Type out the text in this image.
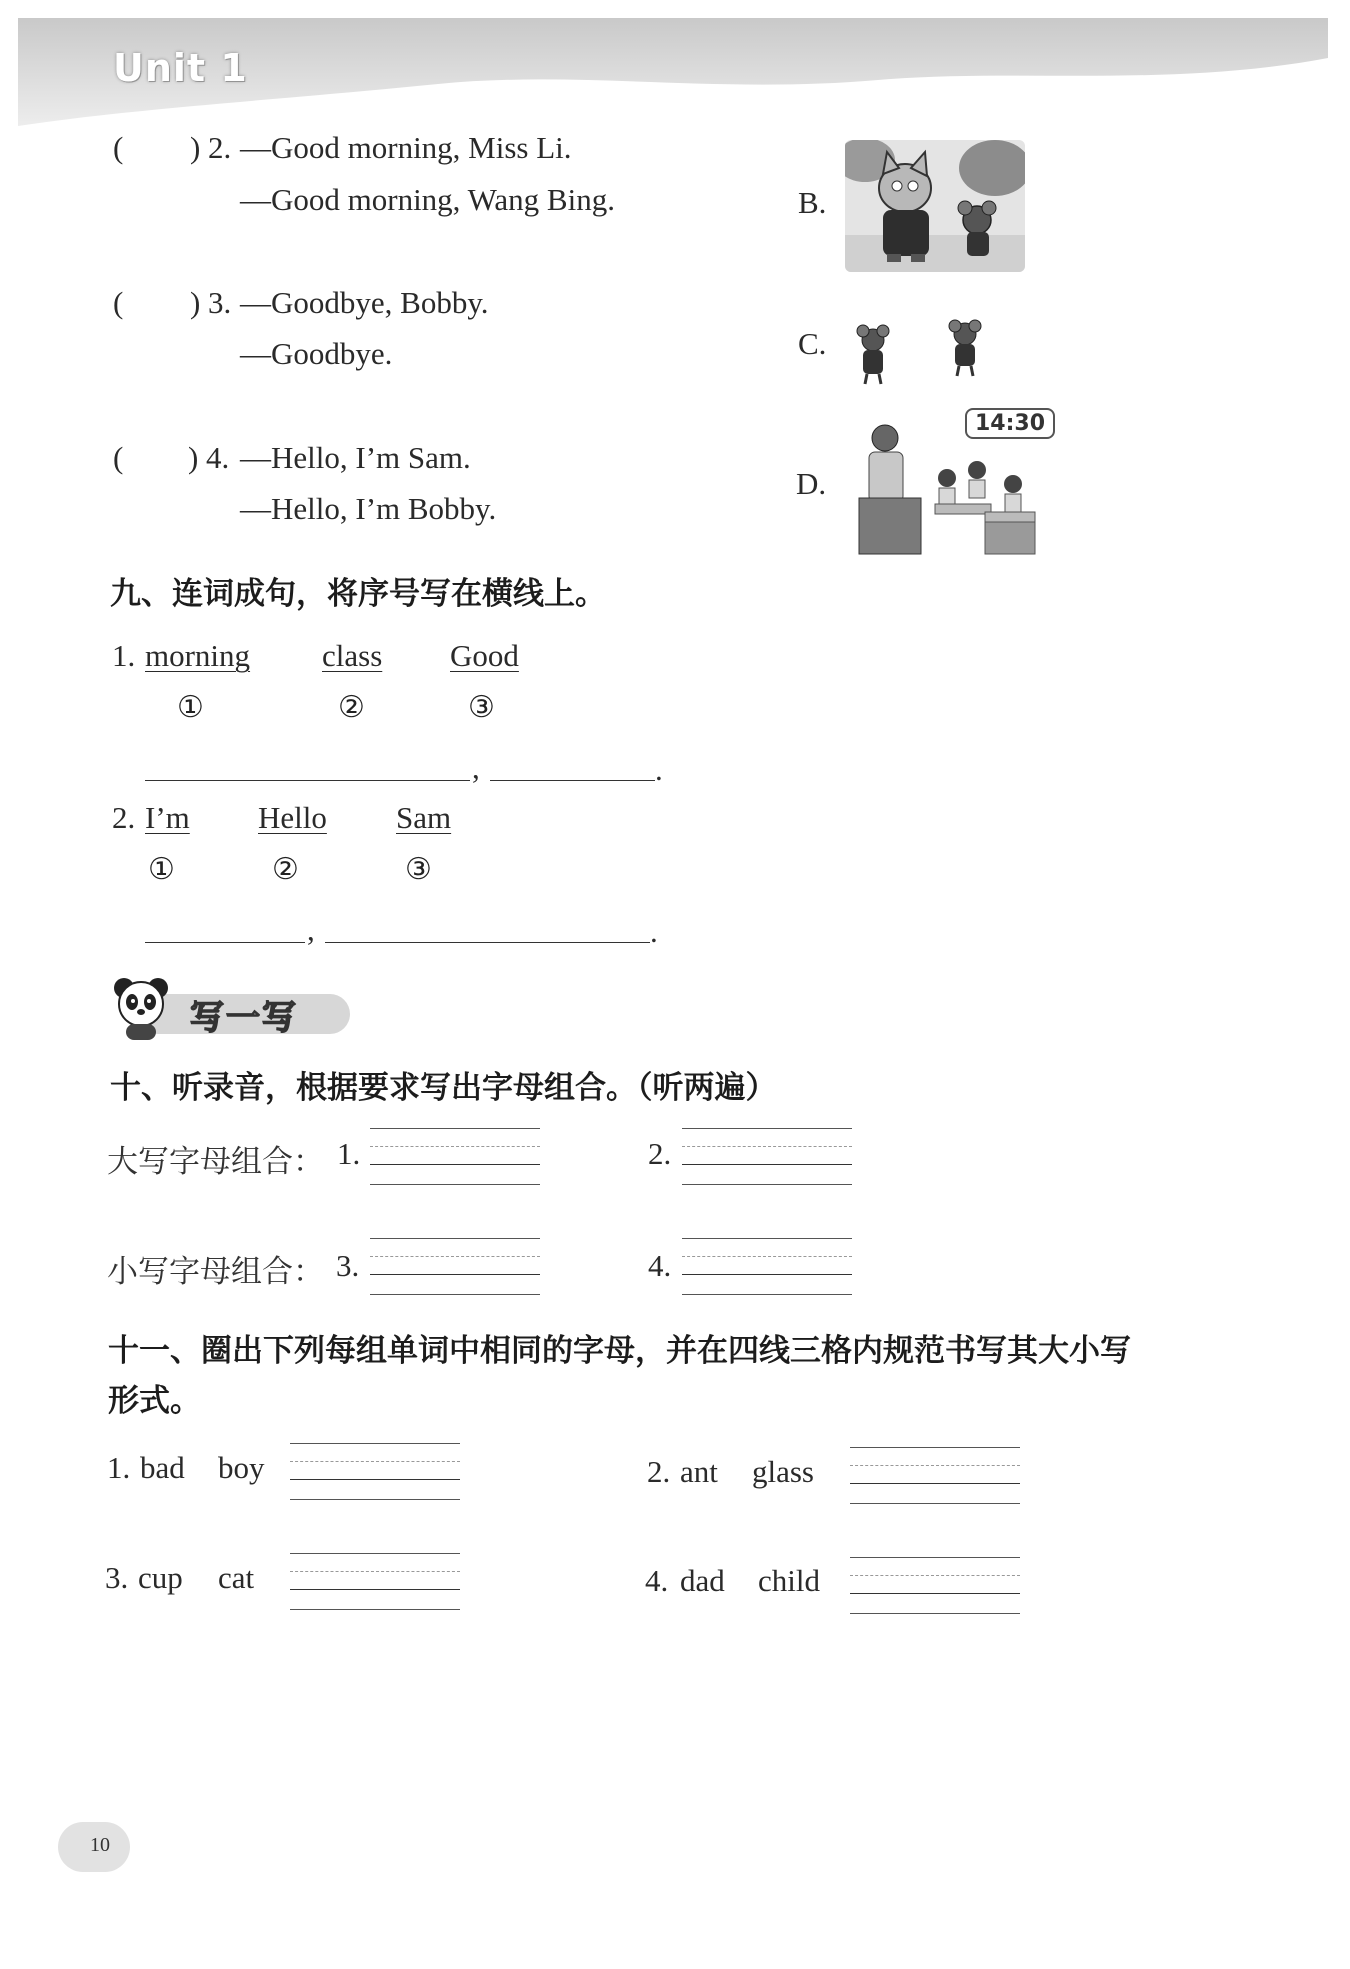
Unit 1
( ) 2. —Good morning, Miss Li.
—Good morning, Wang Bing.
( ) 3. —Goodbye, Bobby.
—Goodbye.
( ) 4. —Hello, I’m Sam.
—Hello, I’m Bobby.
B.
C.
D.
14:30
九、连词成句，将序号写在横线上。
1. morning class Good
①	②	③
,	.
2. I’m Hello Sam
①	②	③
,	.
写一写
十、听录音，根据要求写出字母组合。（听两遍）
大写字母组合： 1.	2.
小写字母组合： 3.	4.
十一、圈出下列每组单词中相同的字母，并在四线三格内规范书写其大小写
形式。
1. bad boy	2. ant glass
3. cup cat	4. dad child
10
